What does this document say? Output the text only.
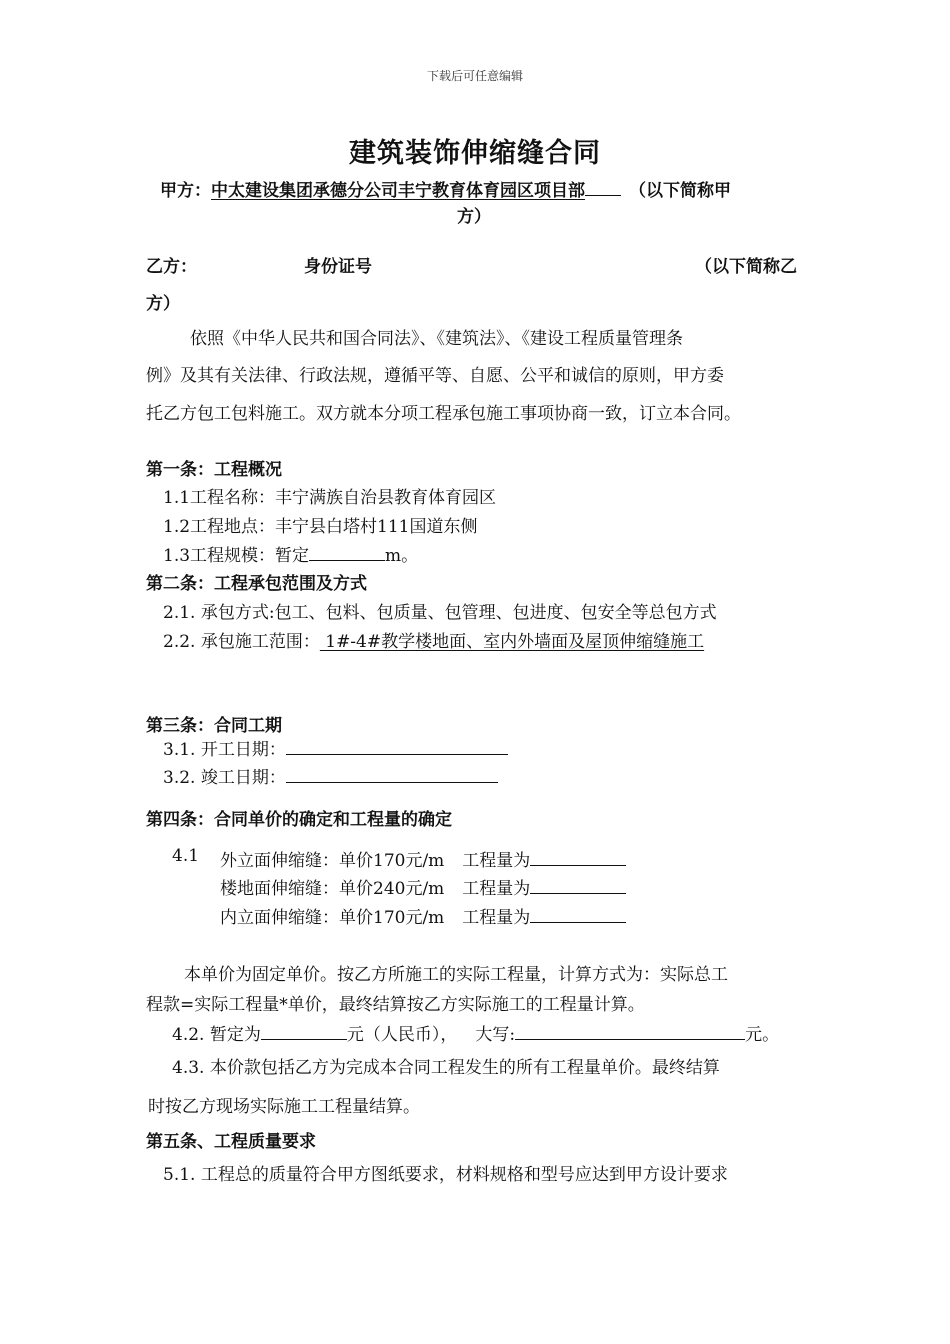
下载后可任意编辑
建筑装饰伸缩缝合同
甲方：中太建设集团承德分公司丰宁教育体育园区项目部	（以下简称甲
方）
乙方：	身份证号	（以下简称乙
方）
依照《中华人民共和国合同法》、《建筑法》、《建设工程质量管理条
例》及其有关法律、行政法规，遵循平等、自愿、公平和诚信的原则，甲方委
托乙方包工包料施工。双方就本分项工程承包施工事项协商一致，订立本合同。
第一条：工程概况
1.1工程名称：丰宁满族自治县教育体育园区
1.2工程地点：丰宁县白塔村111国道东侧
1.3工程规模：暂定	m。
第二条：工程承包范围及方式
2.1. 承包方式:包工、包料、包质量、包管理、包进度、包安全等总包方式
2.2. 承包施工范围： 1#-4#教学楼地面、室内外墙面及屋顶伸缩缝施工
第三条：合同工期
3.1. 开工日期：
3.2. 竣工日期：
第四条：合同单价的确定和工程量的确定
4.1 外立面伸缩缝：单价170元/m 工程量为
楼地面伸缩缝：单价240元/m 工程量为
内立面伸缩缝：单价170元/m 工程量为
本单价为固定单价。按乙方所施工的实际工程量，计算方式为：实际总工
程款=实际工程量*单价，最终结算按乙方实际施工的工程量计算。
4.2. 暂定为	元（人民币）， 大写:	元。
4.3. 本价款包括乙方为完成本合同工程发生的所有工程量单价。最终结算
时按乙方现场实际施工工程量结算。
第五条、工程质量要求
5.1. 工程总的质量符合甲方图纸要求，材料规格和型号应达到甲方设计要求
